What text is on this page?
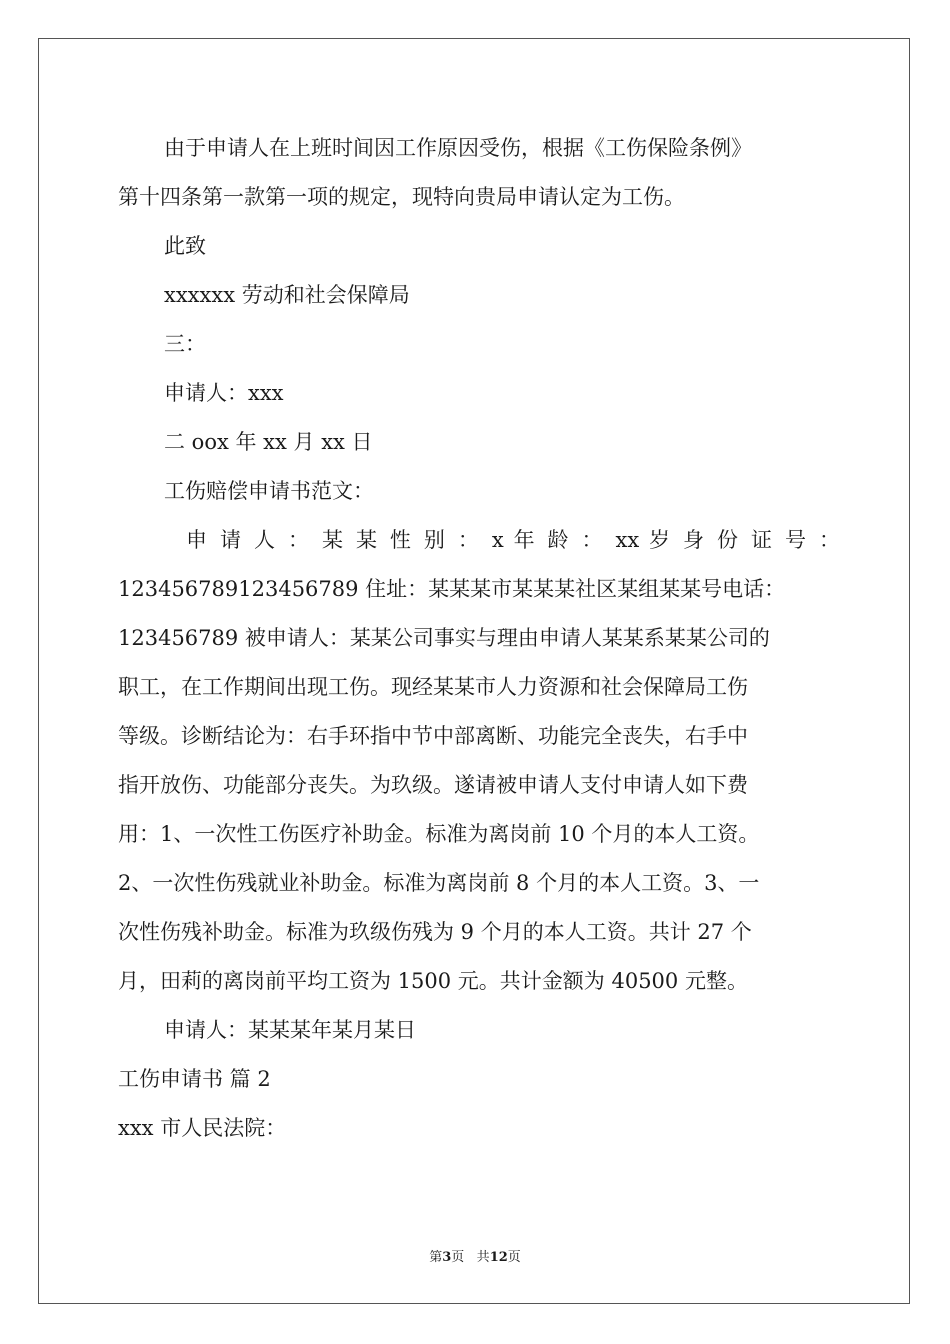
由于申请人在上班时间因工作原因受伤，根据《工伤保险条例》
第十四条第一款第一项的规定，现特向贵局申请认定为工伤。
此致
xxxxxx 劳动和社会保障局
三：
申请人：xxx
二 oox 年 xx 月 xx 日
工伤赔偿申请书范文：
申 请 人 ： 某 某 性 别 ： x 年 龄 ： xx 岁 身 份 证 号 ：
123456789123456789 住址：某某某市某某某社区某组某某号电话：
123456789 被申请人：某某公司事实与理由申请人某某系某某公司的
职工，在工作期间出现工伤。现经某某市人力资源和社会保障局工伤
等级。诊断结论为：右手环指中节中部离断、功能完全丧失，右手中
指开放伤、功能部分丧失。为玖级。遂请被申请人支付申请人如下费
用：1、一次性工伤医疗补助金。标准为离岗前 10 个月的本人工资。
2、一次性伤残就业补助金。标准为离岗前 8 个月的本人工资。3、一
次性伤残补助金。标准为玖级伤残为 9 个月的本人工资。共计 27 个
月，田莉的离岗前平均工资为 1500 元。共计金额为 40500 元整。
申请人：某某某年某月某日
工伤申请书 篇 2
xxx 市人民法院：
第3页 共12页
